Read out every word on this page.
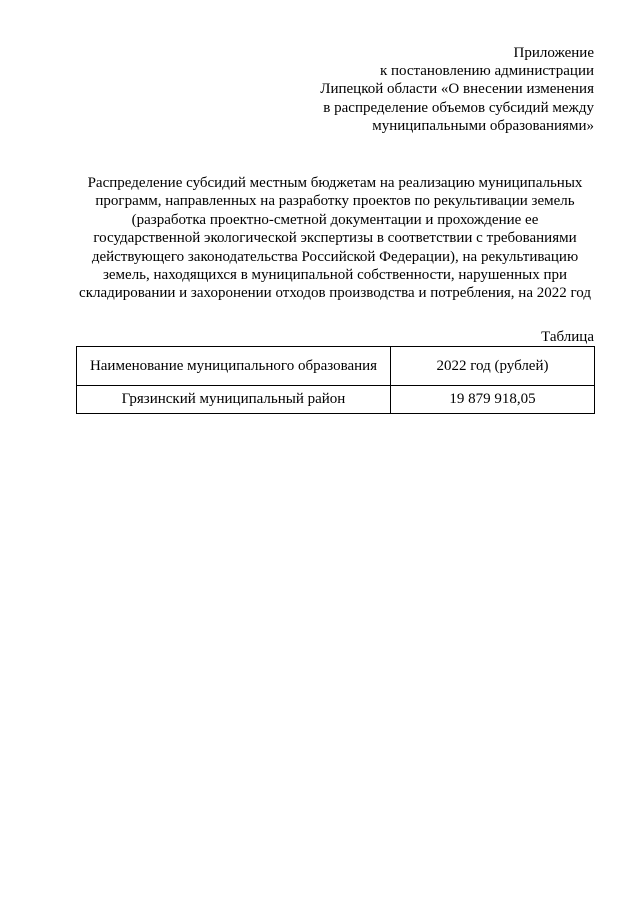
Приложение
к постановлению администрации
Липецкой области «О внесении изменения
в распределение объемов субсидий между
муниципальными образованиями»
Распределение субсидий местным бюджетам на реализацию муниципальных
программ, направленных на разработку проектов по рекультивации земель
(разработка проектно-сметной документации и прохождение ее
государственной экологической экспертизы в соответствии с требованиями
действующего законодательства Российской Федерации), на рекультивацию
земель, находящихся в муниципальной собственности, нарушенных при
складировании и захоронении отходов производства и потребления, на 2022 год
Таблица
Наименование муниципального образования	2022 год (рублей)
Грязинский муниципальный район	19 879 918,05
